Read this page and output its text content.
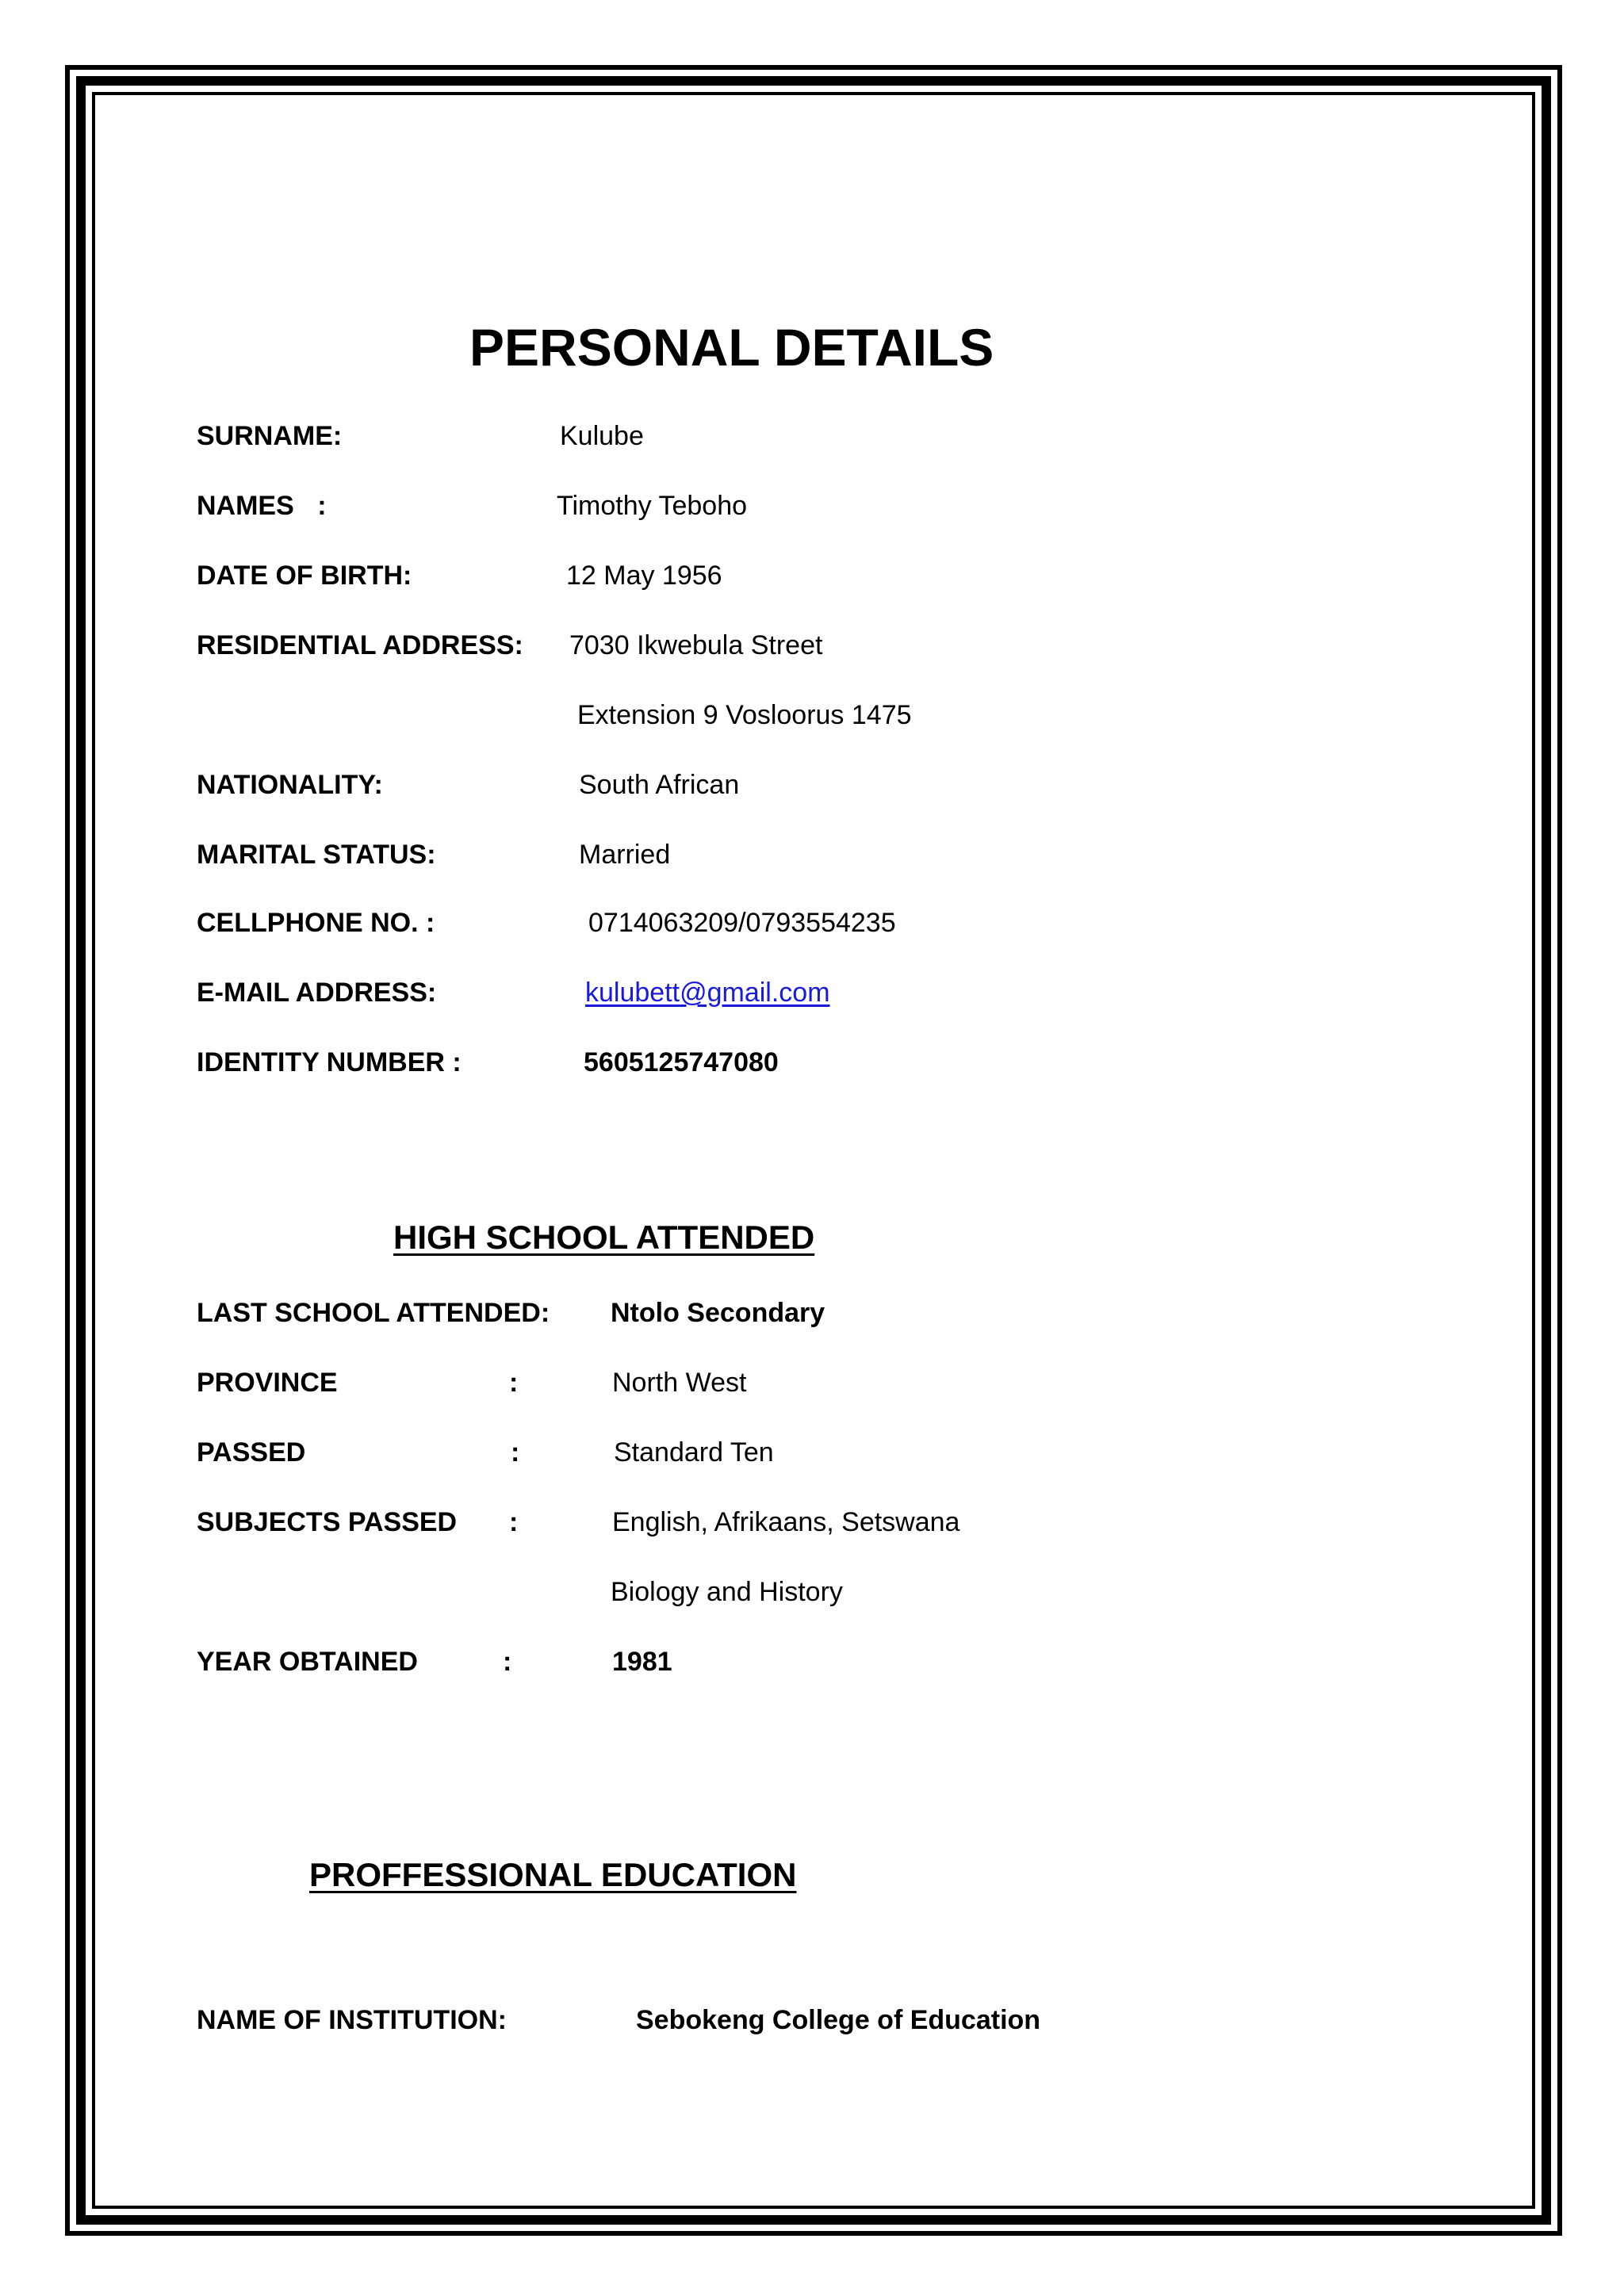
PERSONAL DETAILS
SURNAME:	Kulube
NAMES :	Timothy Teboho
DATE OF BIRTH:	12 May 1956
RESIDENTIAL ADDRESS: 7030 Ikwebula Street
Extension 9 Vosloorus 1475
NATIONALITY:	South African
MARITAL STATUS:	Married
CELLPHONE NO. :	0714063209/0793554235
E-MAIL ADDRESS:	kulubett@gmail.com
IDENTITY NUMBER :	5605125747080
HIGH SCHOOL ATTENDED
LAST SCHOOL ATTENDED: Ntolo Secondary
PROVINCE	:	North West
PASSED	:	Standard Ten
SUBJECTS PASSED :	English, Afrikaans, Setswana
Biology and History
YEAR OBTAINED	:	1981
PROFFESSIONAL EDUCATION
NAME OF INSTITUTION:	Sebokeng College of Education
